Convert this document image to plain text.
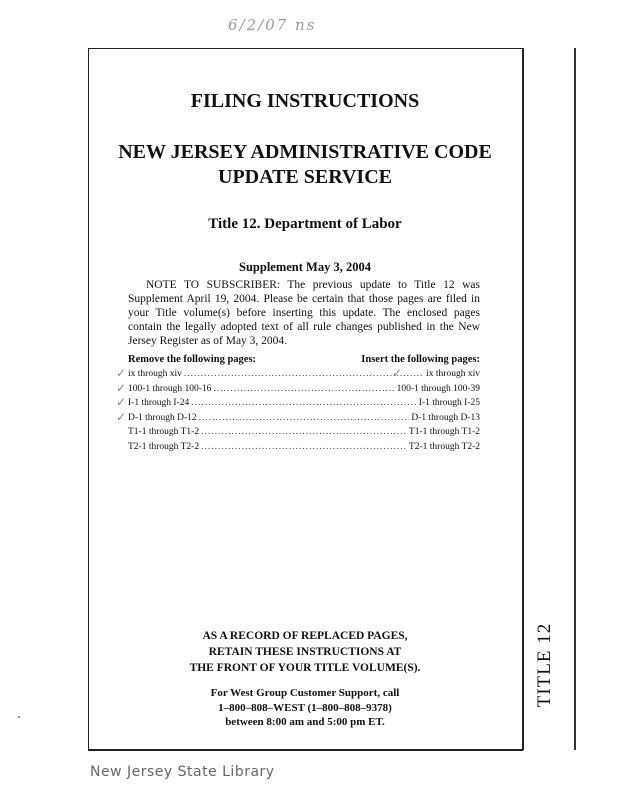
6/2/07 ns
TITLE 12
FILING INSTRUCTIONS
NEW JERSEY ADMINISTRATIVE CODE
UPDATE SERVICE
Title 12. Department of Labor
Supplement May 3, 2004
NOTE TO SUBSCRIBER: The previous update to Title 12 was Supplement April 19, 2004. Please be certain that those pages are filed in your Title volume(s) before inserting this update. The enclosed pages contain the legally adopted text of all rule changes published in the New Jersey Register as of May 3, 2004.
Remove the following pages:	Insert the following pages:
ix through xiv .....	ix through xiv
100-1 through 100-16 .....	100-1 through 100-39
I-1 through I-24 .....	I-1 through I-25
D-1 through D-12 .....	D-1 through D-13
T1-1 through T1-2 .....	T1-1 through T1-2
T2-1 through T2-2 .....	T2-1 through T2-2
✓
✓
✓
✓
✓
AS A RECORD OF REPLACED PAGES,
RETAIN THESE INSTRUCTIONS AT
THE FRONT OF YOUR TITLE VOLUME(S).
For West Group Customer Support, call
1–800–808–WEST (1–800–808–9378)
between 8:00 am and 5:00 pm ET.
New Jersey State Library
